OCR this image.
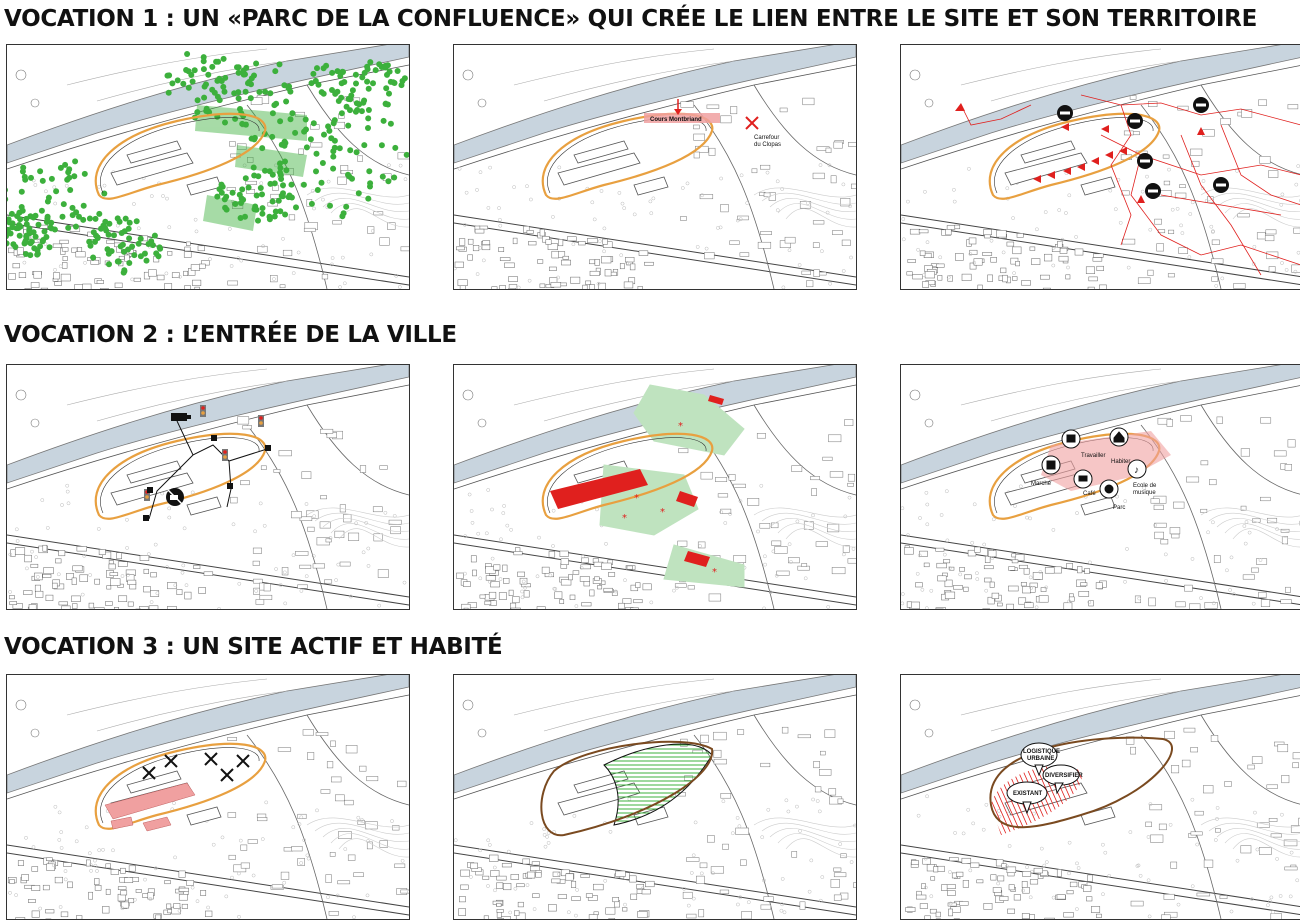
VOCATION 1 : UN «PARC DE LA CONFLUENCE» QUI CRÉE LE LIEN ENTRE LE SITE ET SON TERRITOIRE
VOCATION 2 : L’ENTRÉE DE LA VILLE
VOCATION 3 : UN SITE ACTIF ET HABITÉ
Cours Montbriand
Carrefour
du Clopas
*
*
*
*
*
♪
Travailler
Habiter
Marché
Café
Ecole de
musique
Parc
LOGISTIQUE
URBAINE
DIVERSIFIER
EXISTANT
